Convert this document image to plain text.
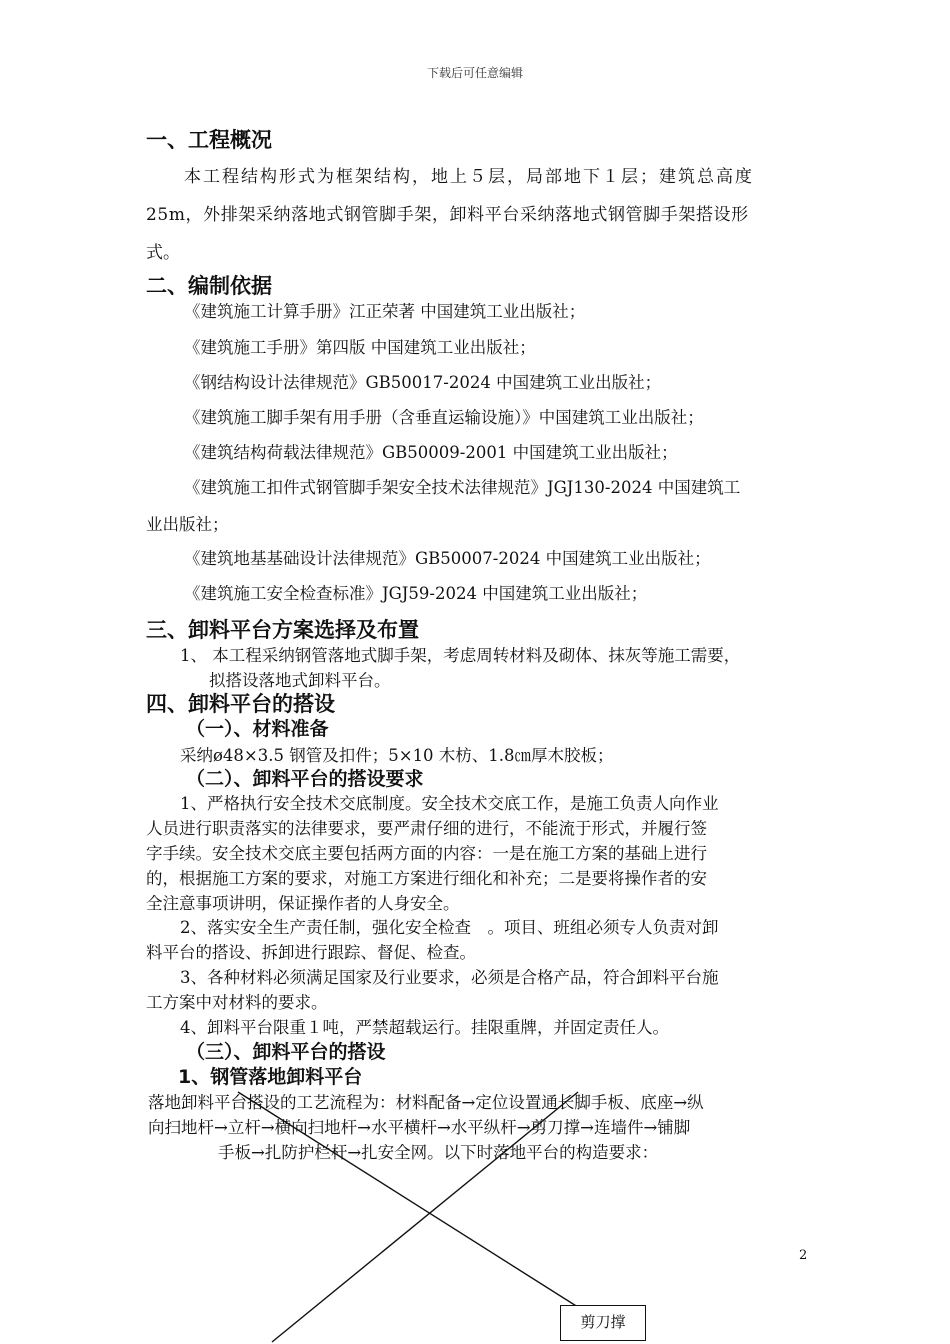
下载后可任意编辑
一、工程概况
本工程结构形式为框架结构，地上５层，局部地下１层；建筑总高度
25m，外排架采纳落地式钢管脚手架，卸料平台采纳落地式钢管脚手架搭设形
式。
二、编制依据
《建筑施工计算手册》江正荣著 中国建筑工业出版社；
《建筑施工手册》第四版 中国建筑工业出版社；
《钢结构设计法律规范》GB50017-2024 中国建筑工业出版社；
《建筑施工脚手架有用手册（含垂直运输设施）》中国建筑工业出版社；
《建筑结构荷载法律规范》GB50009-2001 中国建筑工业出版社；
《建筑施工扣件式钢管脚手架安全技术法律规范》JGJ130-2024 中国建筑工
业出版社；
《建筑地基基础设计法律规范》GB50007-2024 中国建筑工业出版社；
《建筑施工安全检查标准》JGJ59-2024 中国建筑工业出版社；
三、卸料平台方案选择及布置
1、 本工程采纳钢管落地式脚手架，考虑周转材料及砌体、抹灰等施工需要，
拟搭设落地式卸料平台。
四、卸料平台的搭设
（一）、材料准备
采纳ø48×3.5 钢管及扣件；5×10 木枋、1.8㎝厚木胶板；
（二）、卸料平台的搭设要求
1、严格执行安全技术交底制度。安全技术交底工作，是施工负责人向作业
人员进行职责落实的法律要求，要严肃仔细的进行，不能流于形式，并履行签
字手续。安全技术交底主要包括两方面的内容：一是在施工方案的基础上进行
的，根据施工方案的要求，对施工方案进行细化和补充；二是要将操作者的安
全注意事项讲明，保证操作者的人身安全。
2、落实安全生产责任制，强化安全检查　。项目、班组必须专人负责对卸
料平台的搭设、拆卸进行跟踪、督促、检查。
3、各种材料必须满足国家及行业要求，必须是合格产品，符合卸料平台施
工方案中对材料的要求。
4、卸料平台限重１吨，严禁超载运行。挂限重牌，并固定责任人。
（三）、卸料平台的搭设
1、钢管落地卸料平台
落地卸料平台搭设的工艺流程为：材料配备→定位设置通长脚手板、底座→纵
向扫地杆→立杆→横向扫地杆→水平横杆→水平纵杆→剪刀撑→连墙件→铺脚
手板→扎防护栏杆→扎安全网。以下时落地平台的构造要求：
剪刀撑
2
